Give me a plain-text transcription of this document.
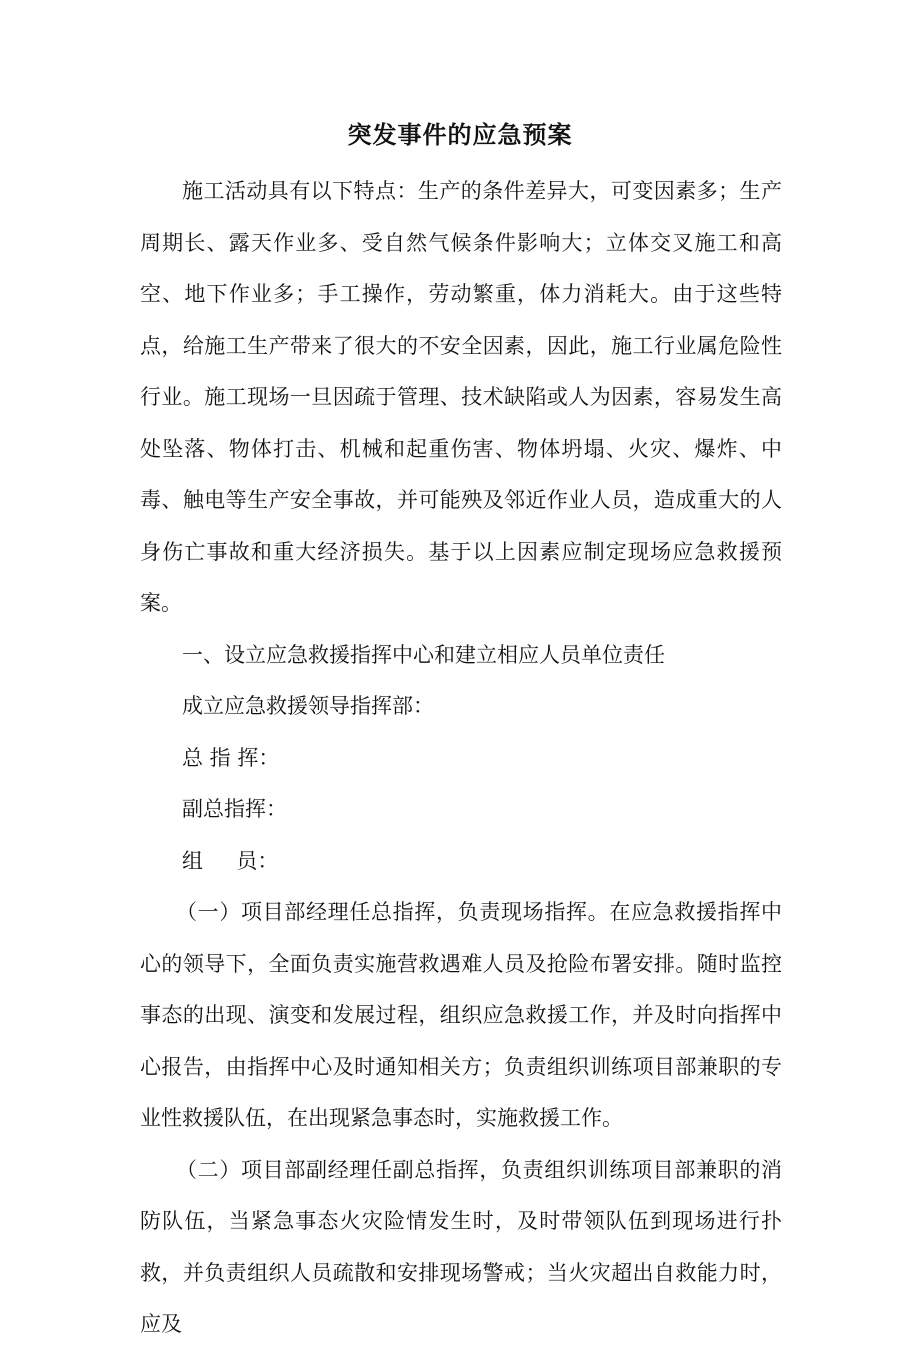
突发事件的应急预案

施工活动具有以下特点：生产的条件差异大，可变因素多；生产周期长、露天作业多、受自然气候条件影响大；立体交叉施工和高空、地下作业多；手工操作，劳动繁重，体力消耗大。由于这些特点，给施工生产带来了很大的不安全因素，因此，施工行业属危险性行业。施工现场一旦因疏于管理、技术缺陷或人为因素，容易发生高处坠落、物体打击、机械和起重伤害、物体坍塌、火灾、爆炸、中毒、触电等生产安全事故，并可能殃及邻近作业人员，造成重大的人身伤亡事故和重大经济损失。基于以上因素应制定现场应急救援预案。

一、设立应急救援指挥中心和建立相应人员单位责任

成立应急救援领导指挥部：

总 指 挥：

副总指挥：

组     员：

（一）项目部经理任总指挥，负责现场指挥。在应急救援指挥中心的领导下，全面负责实施营救遇难人员及抢险布署安排。随时监控事态的出现、演变和发展过程，组织应急救援工作，并及时向指挥中心报告，由指挥中心及时通知相关方；负责组织训练项目部兼职的专业性救援队伍，在出现紧急事态时，实施救援工作。

（二）项目部副经理任副总指挥，负责组织训练项目部兼职的消防队伍，当紧急事态火灾险情发生时，及时带领队伍到现场进行扑救，并负责组织人员疏散和安排现场警戒；当火灾超出自救能力时，应及
